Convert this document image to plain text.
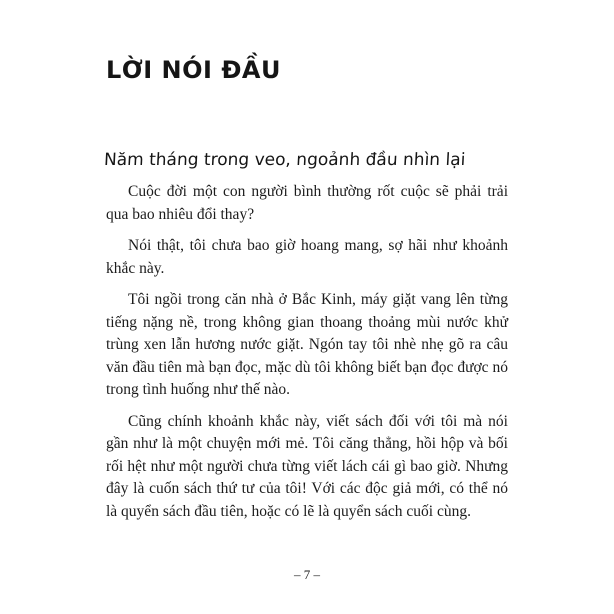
LỜI NÓI ĐẦU
Năm tháng trong veo, ngoảnh đầu nhìn lại

Cuộc đời một con người bình thường rốt cuộc sẽ phải trải qua bao nhiêu đổi thay?

Nói thật, tôi chưa bao giờ hoang mang, sợ hãi như khoảnh khắc này.

Tôi ngồi trong căn nhà ở Bắc Kinh, máy giặt vang lên từng tiếng nặng nề, trong không gian thoang thoảng mùi nước khử trùng xen lẫn hương nước giặt. Ngón tay tôi nhè nhẹ gõ ra câu văn đầu tiên mà bạn đọc, mặc dù tôi không biết bạn đọc được nó trong tình huống như thế nào.

Cũng chính khoảnh khắc này, viết sách đối với tôi mà nói gần như là một chuyện mới mẻ. Tôi căng thẳng, hồi hộp và bối rối hệt như một người chưa từng viết lách cái gì bao giờ. Nhưng đây là cuốn sách thứ tư của tôi! Với các độc giả mới, có thể nó là quyển sách đầu tiên, hoặc có lẽ là quyển sách cuối cùng.

– 7 –
